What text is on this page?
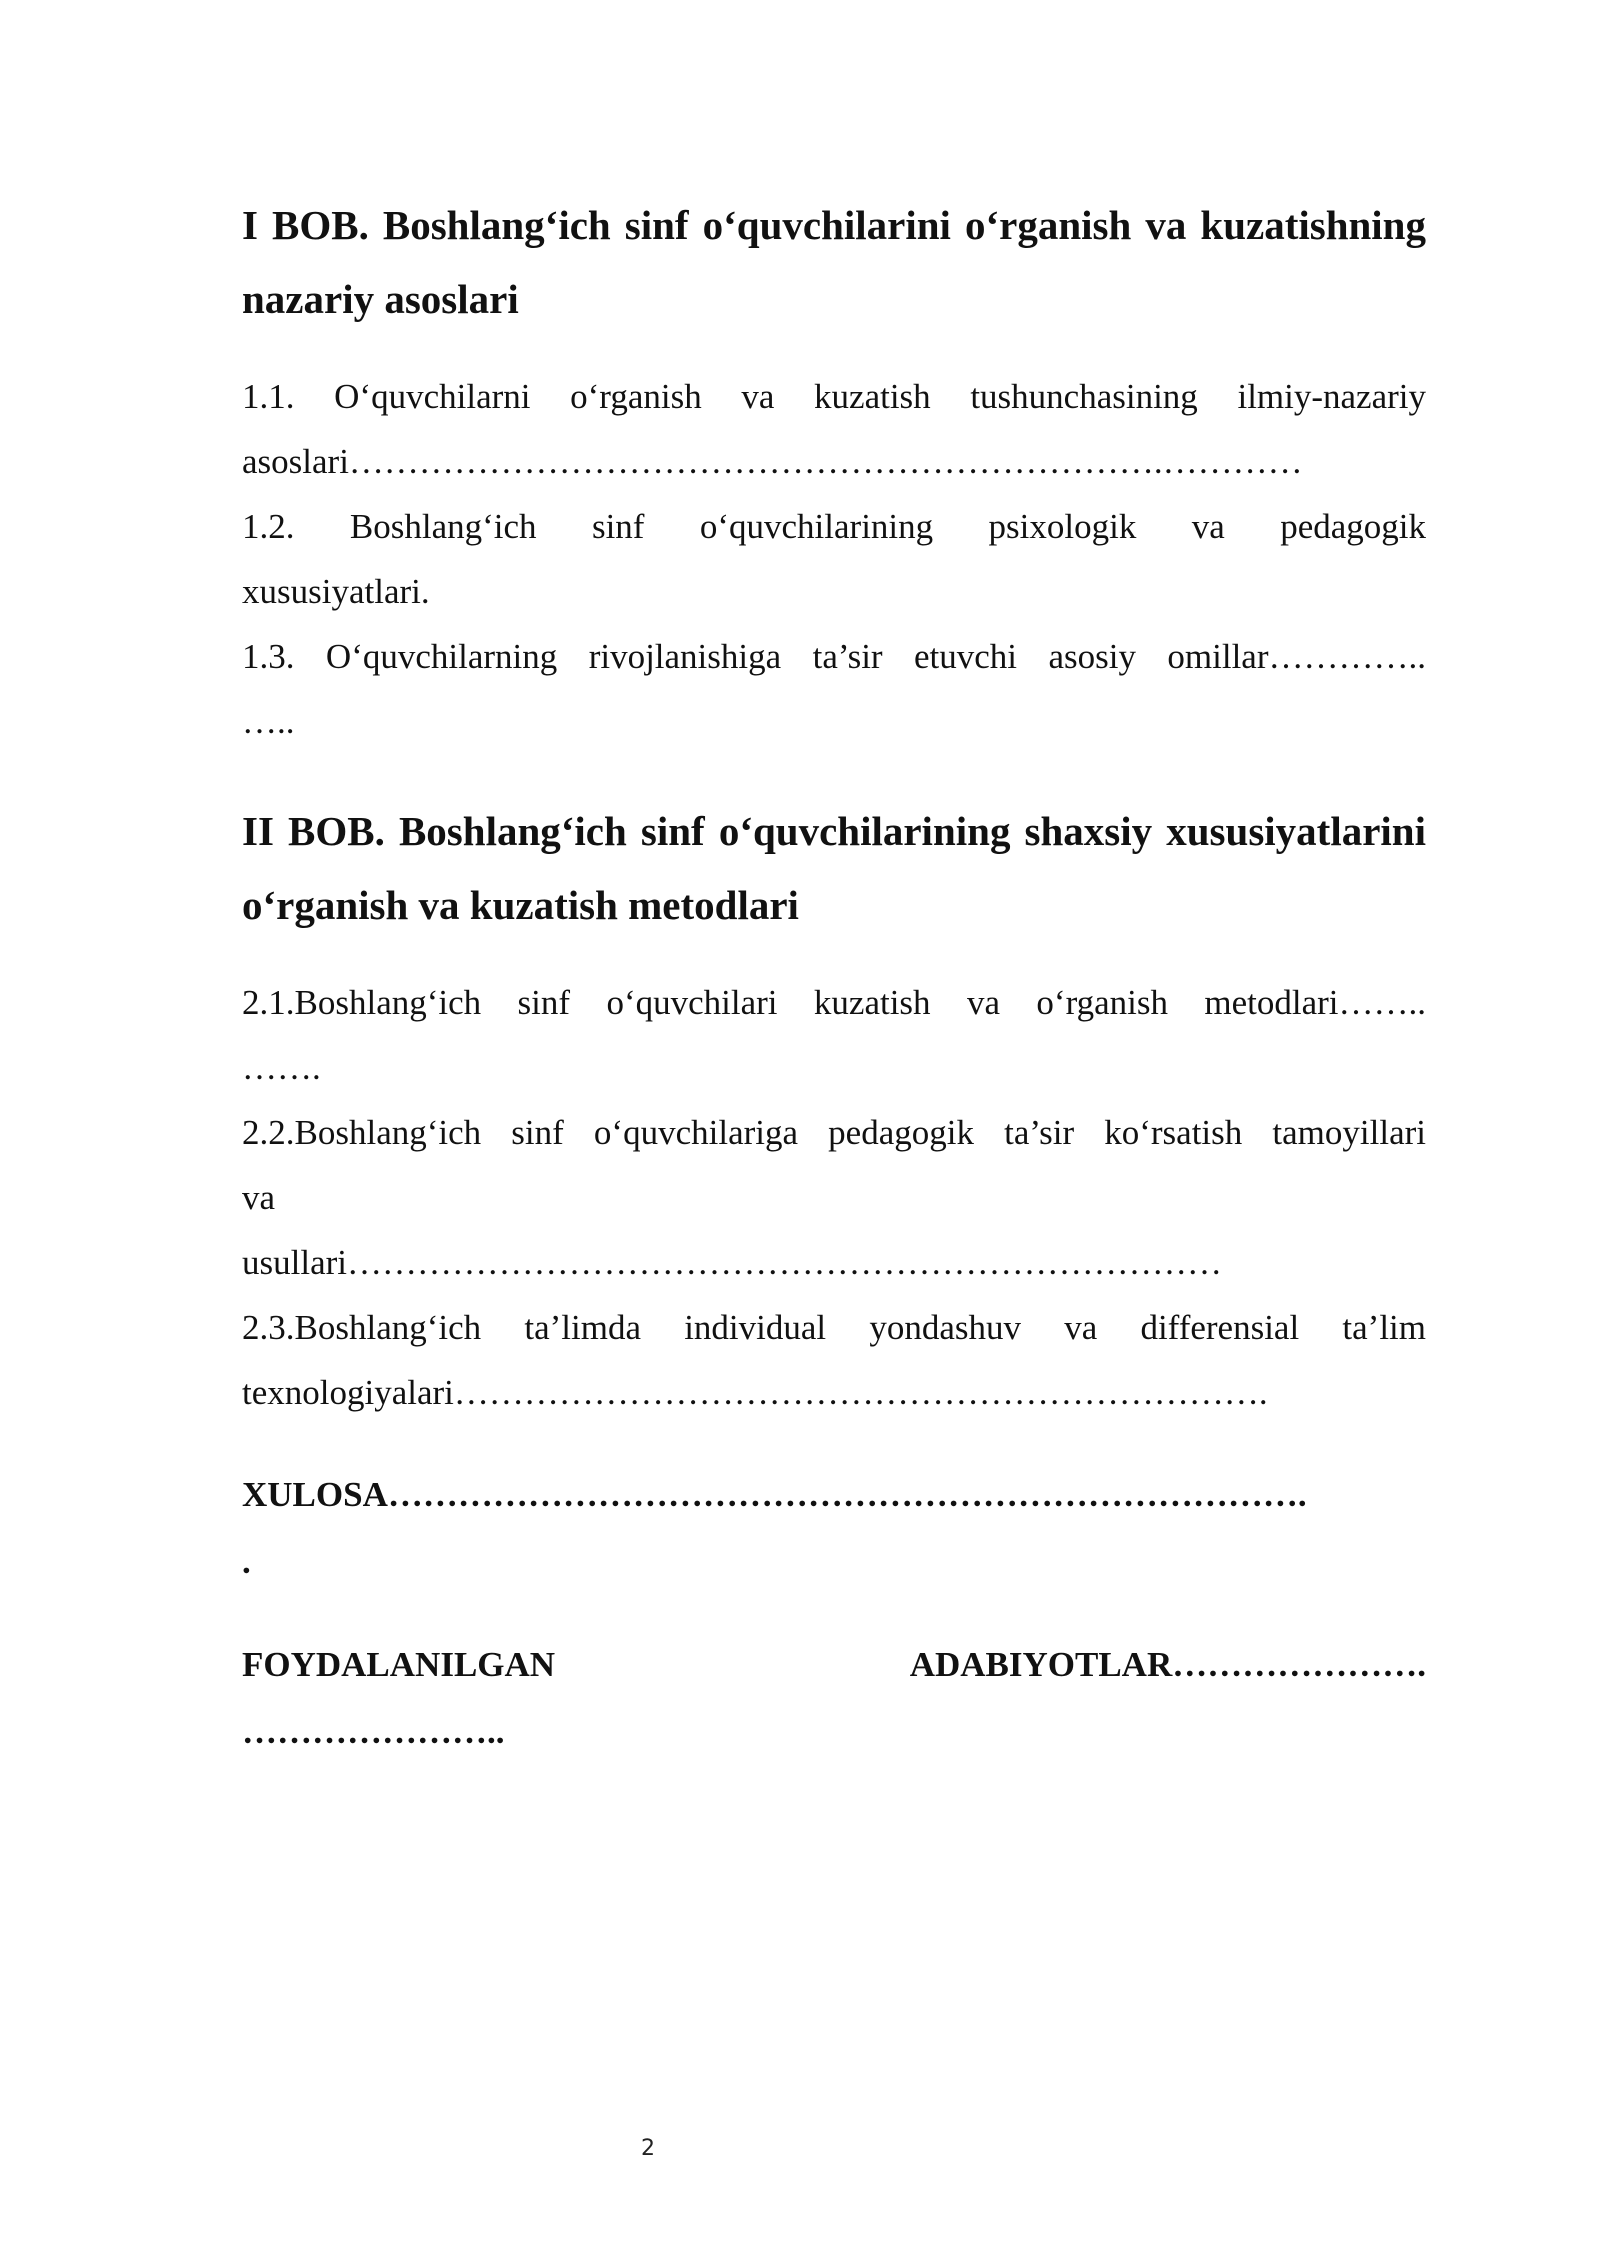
I BOB. Boshlang‘ich sinf o‘quvchilarini o‘rganish va kuzatishning nazariy asoslari

1.1. O‘quvchilarni o‘rganish va kuzatish tushunchasining ilmiy-nazariy

asoslari…………………………………………………………….…………

1.2. Boshlang‘ich sinf o‘quvchilarining psixologik va pedagogik

xususiyatlari.

1.3. O‘quvchilarning rivojlanishiga ta’sir etuvchi asosiy omillar…………..

…..

II BOB. Boshlang‘ich sinf o‘quvchilarining shaxsiy xususiyatlarini o‘rganish va kuzatish metodlari

2.1.Boshlang‘ich sinf o‘quvchilari kuzatish va o‘rganish metodlari……..

…….

2.2.Boshlang‘ich sinf o‘quvchilariga pedagogik ta’sir ko‘rsatish tamoyillari

va

usullari…………………………………………………………………

2.3.Boshlang‘ich ta’limda individual yondashuv va differensial ta’lim

texnologiyalari…………………………………………………………….

XULOSA…………………………………………………………………….

.

FOYDALANILGAN	ADABIYOTLAR………………….

…………………..

2
